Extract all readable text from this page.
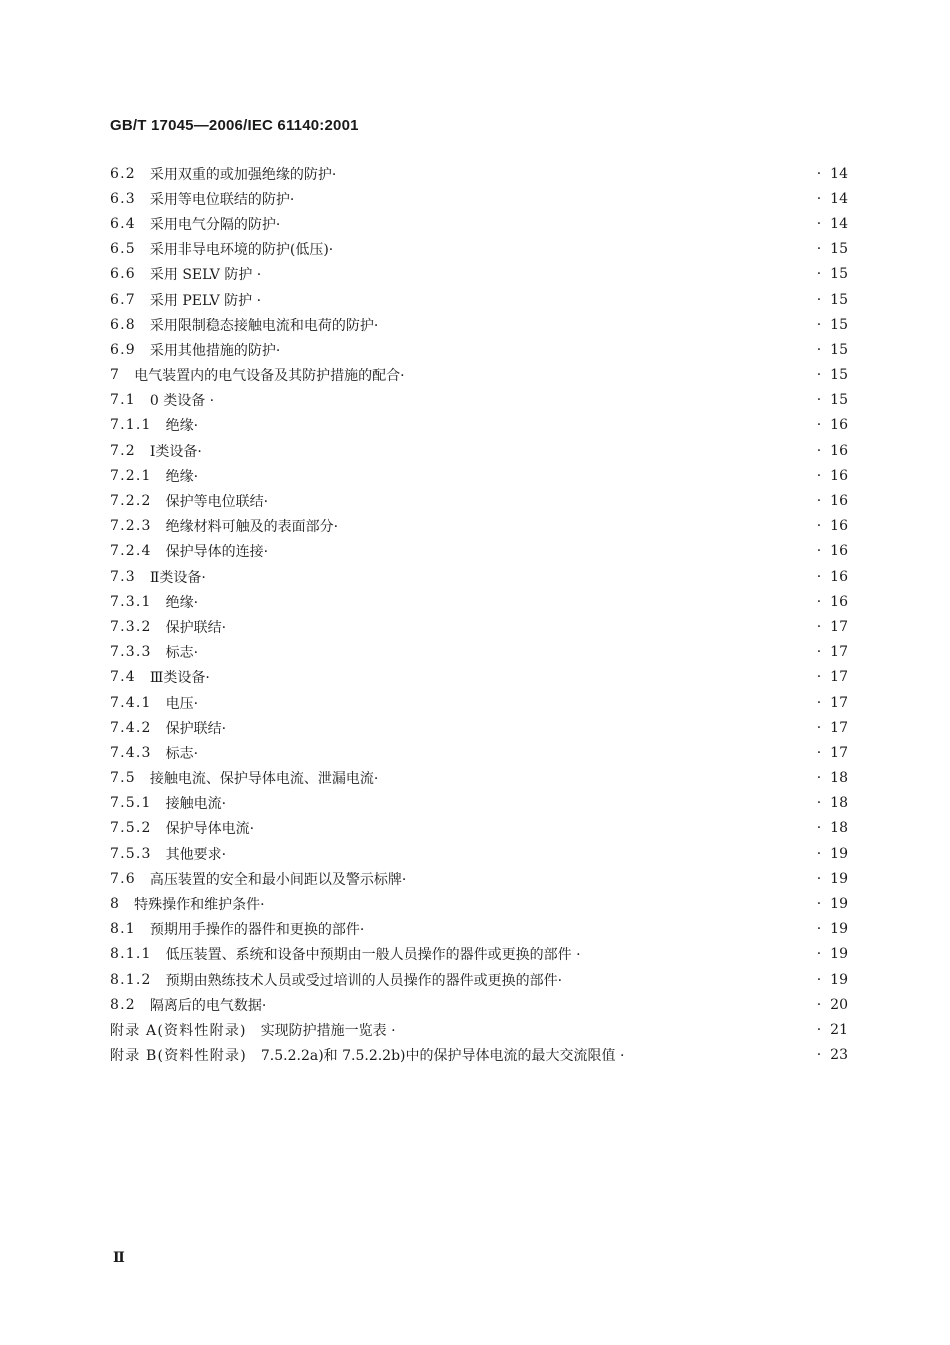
GB/T 17045—2006/IEC 61140:2001
6.2 采用双重的或加强绝缘的防护·	· 14
6.3 采用等电位联结的防护·	· 14
6.4 采用电气分隔的防护·	· 14
6.5 采用非导电环境的防护(低压)·	· 15
6.6 采用 SELV 防护 ·	· 15
6.7 采用 PELV 防护 ·	· 15
6.8 采用限制稳态接触电流和电荷的防护·	· 15
6.9 采用其他措施的防护·	· 15
7 电气装置内的电气设备及其防护措施的配合·	· 15
7.1 0 类设备 ·	· 15
7.1.1 绝缘·	· 16
7.2 Ⅰ类设备·	· 16
7.2.1 绝缘·	· 16
7.2.2 保护等电位联结·	· 16
7.2.3 绝缘材料可触及的表面部分·	· 16
7.2.4 保护导体的连接·	· 16
7.3 Ⅱ类设备·	· 16
7.3.1 绝缘·	· 16
7.3.2 保护联结·	· 17
7.3.3 标志·	· 17
7.4 Ⅲ类设备·	· 17
7.4.1 电压·	· 17
7.4.2 保护联结·	· 17
7.4.3 标志·	· 17
7.5 接触电流、保护导体电流、泄漏电流·	· 18
7.5.1 接触电流·	· 18
7.5.2 保护导体电流·	· 18
7.5.3 其他要求·	· 19
7.6 高压装置的安全和最小间距以及警示标牌·	· 19
8 特殊操作和维护条件·	· 19
8.1 预期用手操作的器件和更换的部件·	· 19
8.1.1 低压装置、系统和设备中预期由一般人员操作的器件或更换的部件 ·	· 19
8.1.2 预期由熟练技术人员或受过培训的人员操作的器件或更换的部件·	· 19
8.2 隔离后的电气数据·	· 20
附录 A(资料性附录) 实现防护措施一览表 ·	· 21
附录 B(资料性附录) 7.5.2.2a)和 7.5.2.2b)中的保护导体电流的最大交流限值 ·	· 23
Ⅱ
